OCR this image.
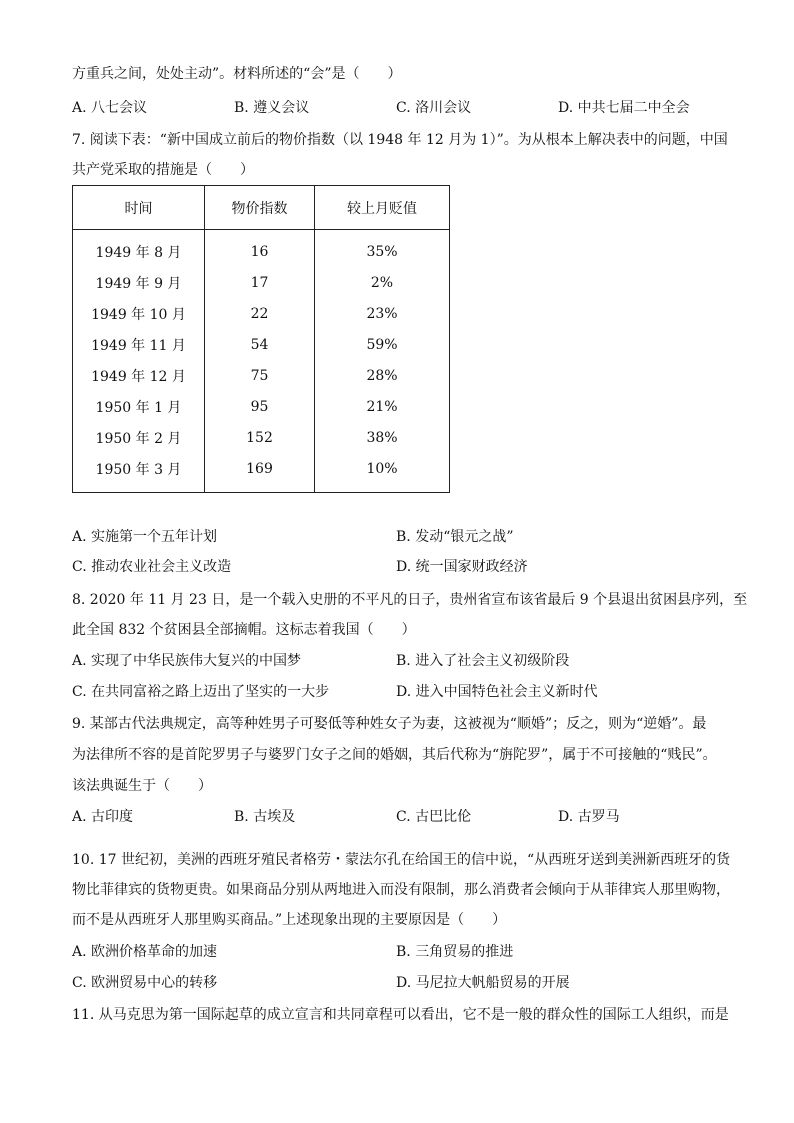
方重兵之间，处处主动”。材料所述的“会”是（　　）
A. 八七会议	B. 遵义会议	C. 洛川会议	D. 中共七届二中全会
7. 阅读下表：“新中国成立前后的物价指数（以 1948 年 12 月为 1）”。为从根本上解决表中的问题，中国
共产党采取的措施是（　　）
时间	物价指数	较上月贬值
1949 年 8 月	16	35%
1949 年 9 月	17	2%
1949 年 10 月	22	23%
1949 年 11 月	54	59%
1949 年 12 月	75	28%
1950 年 1 月	95	21%
1950 年 2 月	152	38%
1950 年 3 月	169	10%
A. 实施第一个五年计划	B. 发动“银元之战”
C. 推动农业社会主义改造	D. 统一国家财政经济
8. 2020 年 11 月 23 日，是一个载入史册的不平凡的日子，贵州省宣布该省最后 9 个县退出贫困县序列，至
此全国 832 个贫困县全部摘帽。这标志着我国（　　）
A. 实现了中华民族伟大复兴的中国梦	B. 进入了社会主义初级阶段
C. 在共同富裕之路上迈出了坚实的一大步	D. 进入中国特色社会主义新时代
9. 某部古代法典规定，高等种姓男子可娶低等种姓女子为妻，这被视为“顺婚”；反之，则为“逆婚”。最
为法律所不容的是首陀罗男子与婆罗门女子之间的婚姻，其后代称为“旃陀罗”，属于不可接触的“贱民”。
该法典诞生于（　　）
A. 古印度	B. 古埃及	C. 古巴比伦	D. 古罗马
10. 17 世纪初，美洲的西班牙殖民者格劳・蒙法尔孔在给国王的信中说，“从西班牙送到美洲新西班牙的货
物比菲律宾的货物更贵。如果商品分别从两地进入而没有限制，那么消费者会倾向于从菲律宾人那里购物，
而不是从西班牙人那里购买商品。”上述现象出现的主要原因是（　　）
A. 欧洲价格革命的加速	B. 三角贸易的推进
C. 欧洲贸易中心的转移	D. 马尼拉大帆船贸易的开展
11. 从马克思为第一国际起草的成立宣言和共同章程可以看出，它不是一般的群众性的国际工人组织，而是
